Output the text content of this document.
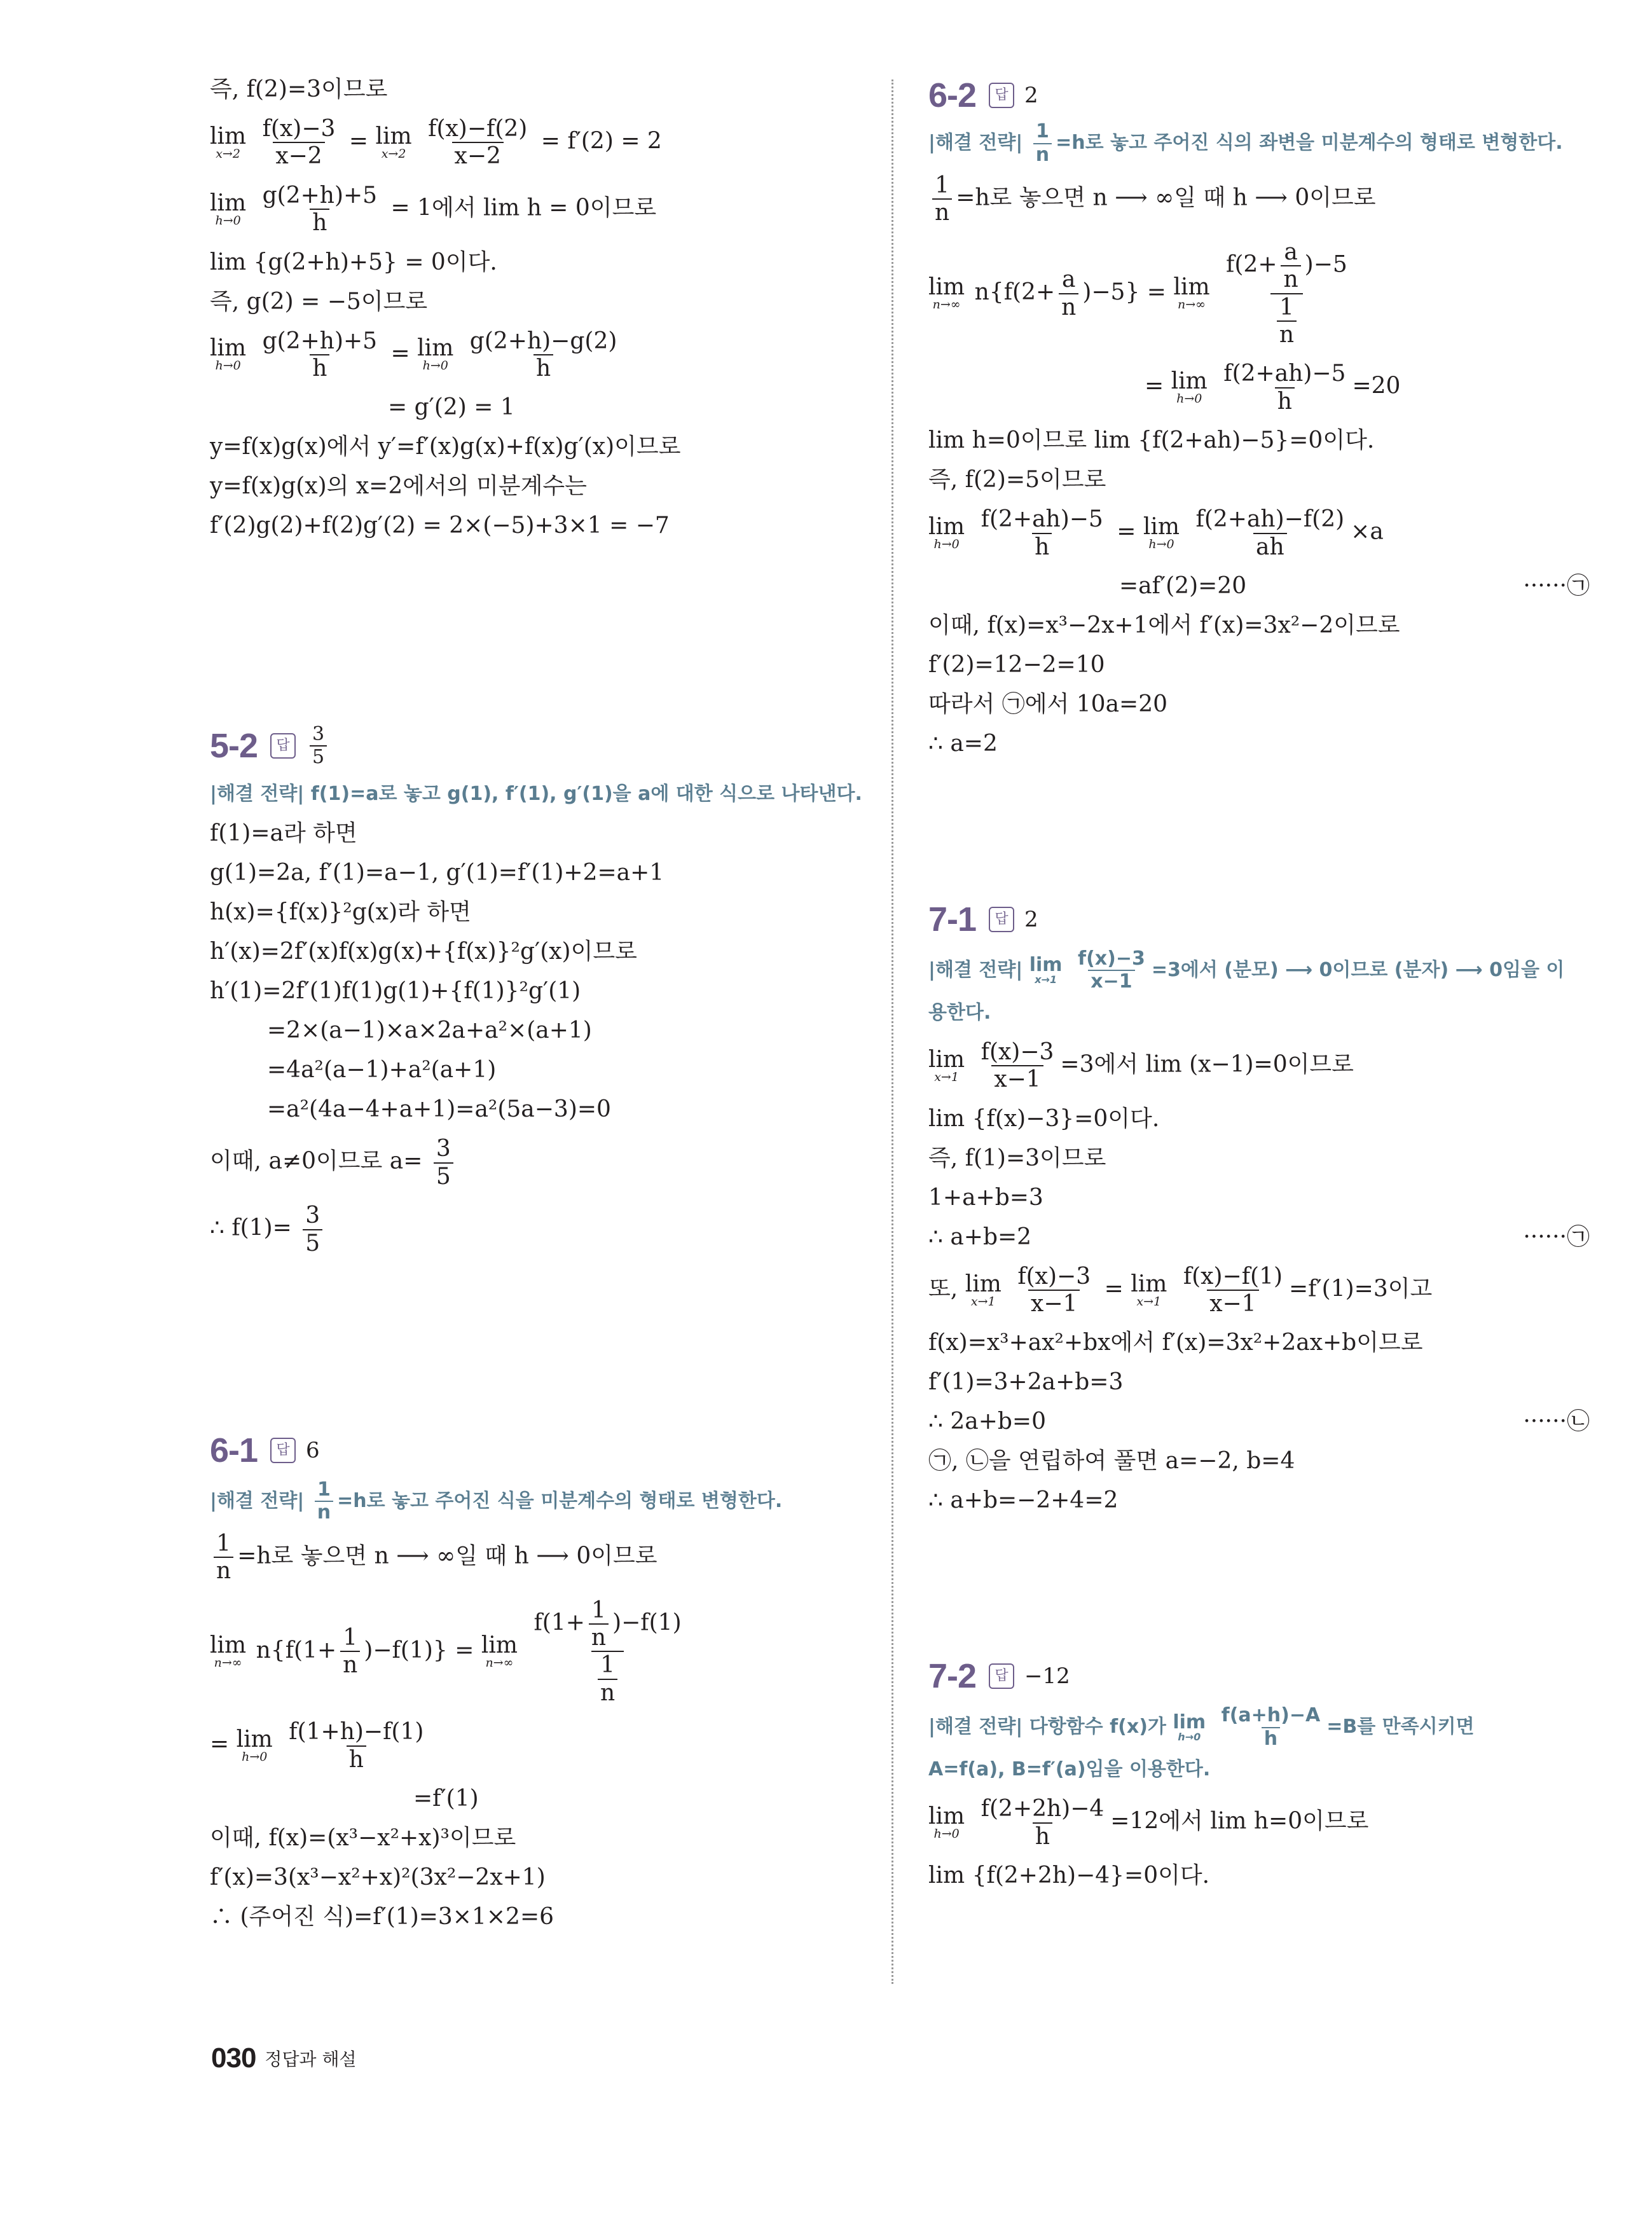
즉, f(2)=3이므로
lim
x→2
$\frac{f(x)-3}{x-2} = \lim$
x→2
$\frac{f(x)-f(2)}{x-2} = f'(2) = 2$
lim
h→0
$\frac{g(2+h)+5}{h} = 1$에서 lim h = 0이므로
lim {g(2+h)+5} = 0이다.
즉, g(2) = −5이므로
lim
h→0
$\frac{g(2+h)+5}{h} = \lim$
h→0
$\frac{g(2+h)-g(2)}{h}$
= g′(2) = 1
y=f(x)g(x)에서 y′=f′(x)g(x)+f(x)g′(x)이므로
y=f(x)g(x)의 x=2에서의 미분계수는
f′(2)g(2)+f(2)g′(2) = 2×(−5)+3×1 = −7
5-2	답	$\frac{3}{5}$
|해결 전략| f(1)=a로 놓고 g(1), f′(1), g′(1)을 a에 대한 식으로 나타낸다.
f(1)=a라 하면
g(1)=2a, f′(1)=a−1, g′(1)=f′(1)+2=a+1
h(x)={f(x)}²g(x)라 하면
h′(x)=2f′(x)f(x)g(x)+{f(x)}²g′(x)이므로
h′(1)=2f′(1)f(1)g(1)+{f(1)}²g′(1)
=2×(a−1)×a×2a+a²×(a+1)
=4a²(a−1)+a²(a+1)
=a²(4a−4+a+1)=a²(5a−3)=0
이때, a≠0이므로 $a= \frac{3}{5}$
∴ $f(1)= \frac{3}{5}$
6-1	답 6
|해결 전략| $\frac{1}{n} =h$로 놓고 주어진 식을 미분계수의 형태로 변형한다.
$\frac{1}{n} =h$로 놓으면 n ⟶ ∞일 때 h ⟶ 0이므로
lim
n→∞ $n\{f(1+ \frac{1}{n} )-f(1)\} = \lim$
n→∞
$\frac{f(1+ \frac{1}{n} )-f(1)}{\frac{1}{n}}$
= lim
h→0
$\frac{f(1+h)-f(1)}{h}$
=f′(1)
이때, f(x)=(x³−x²+x)³이므로
f′(x)=3(x³−x²+x)²(3x²−2x+1)
∴ (주어진 식)=f′(1)=3×1×2=6
6-2	답 2
|해결 전략| $\frac{1}{n} =h$로 놓고 주어진 식의 좌변을 미분계수의 형태로 변형한다.
$\frac{1}{n} =h$로 놓으면 n ⟶ ∞일 때 h ⟶ 0이므로
lim
n→∞ $n\{f(2+ \frac{a}{n} )-5\} = \lim$
n→∞
$\frac{f(2+ \frac{a}{n} )-5}{\frac{1}{n}}$
= lim
h→0
$\frac{f(2+ah)-5}{h} =20$
lim h=0이므로 lim {f(2+ah)−5}=0이다.
즉, f(2)=5이므로
lim
h→0
$\frac{f(2+ah)-5}{h} = \lim$
h→0
$\frac{f(2+ah)-f(2)}{ah} \times a$
=af′(2)=20	······㉠
이때, f(x)=x³−2x+1에서 f′(x)=3x²−2이므로
f′(2)=12−2=10
따라서 ㉠에서 10a=20
∴ a=2
7-1	답 2
|해결 전략| lim
x→1
$\frac{f(x)-3}{x-1} =3$에서 (분모) ⟶ 0이므로 (분자) ⟶ 0임을 이
용한다.
lim
x→1
$\frac{f(x)-3}{x-1} =3$에서 lim (x−1)=0이므로
lim {f(x)−3}=0이다.
즉, f(1)=3이므로
1+a+b=3
∴ a+b=2	······㉠
또, lim
x→1
$\frac{f(x)-3}{x-1} = \lim$
x→1
$\frac{f(x)-f(1)}{x-1} =f'(1)=3$이고
f(x)=x³+ax²+bx에서 f′(x)=3x²+2ax+b이므로
f′(1)=3+2a+b=3
∴ 2a+b=0	······㉡
㉠, ㉡을 연립하여 풀면 a=−2, b=4
∴ a+b=−2+4=2
7-2	답 −12
|해결 전략| 다항함수 f(x)가 lim
h→0
$\frac{f(a+h)-A}{h} =B$를 만족시키면
A=f(a), B=f′(a)임을 이용한다.
lim
h→0
$\frac{f(2+2h)-4}{h} =12$에서 lim h=0이므로
lim {f(2+2h)−4}=0이다.
030 정답과 해설
